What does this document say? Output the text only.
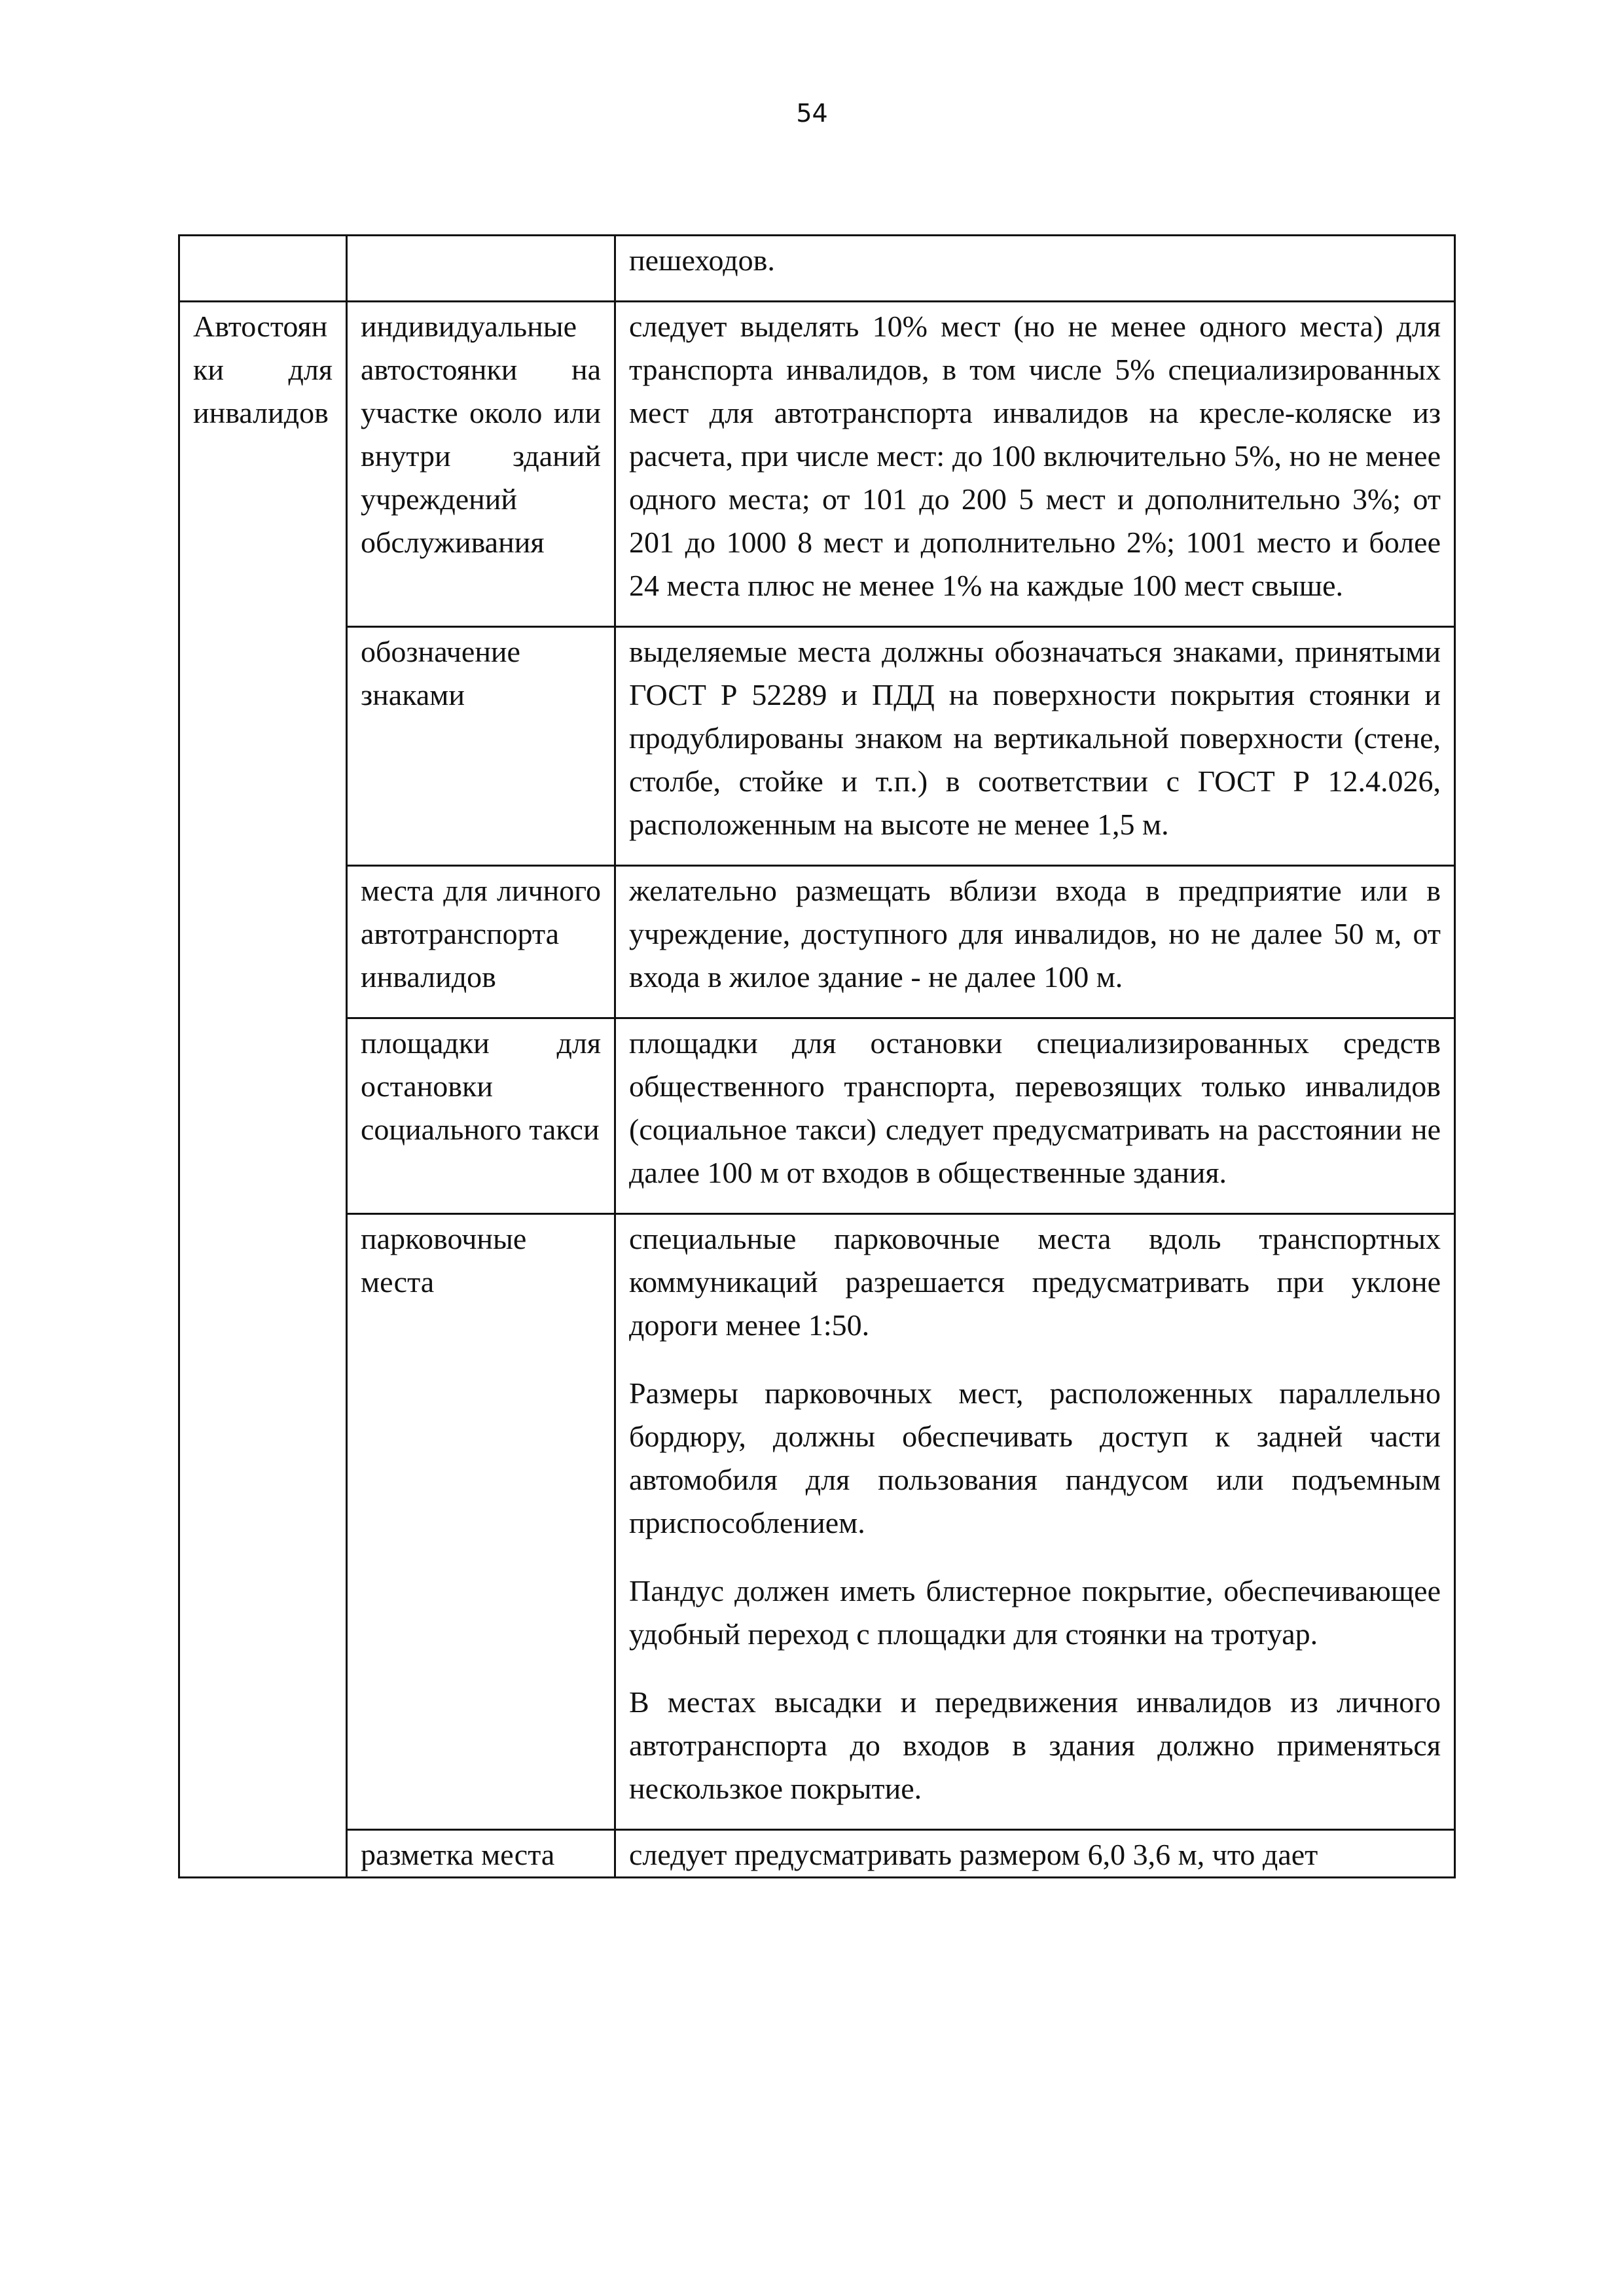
54

		пешеходов.

Автостоянки для инвалидов	индивидуальные автостоянки на участке около или внутри зданий учреждений обслуживания	следует выделять 10% мест (но не менее одного места) для транспорта инвалидов, в том числе 5% специализированных мест для автотранспорта инвалидов на кресле-коляске из расчета, при числе мест: до 100 включительно 5%, но не менее одного места; от 101 до 200 5 мест и дополнительно 3%; от 201 до 1000 8 мест и дополнительно 2%; 1001 место и более 24 места плюс не менее 1% на каждые 100 мест свыше.

	обозначение знаками	выделяемые места должны обозначаться знаками, принятыми ГОСТ Р 52289 и ПДД на поверхности покрытия стоянки и продублированы знаком на вертикальной поверхности (стене, столбе, стойке и т.п.) в соответствии с ГОСТ Р 12.4.026, расположенным на высоте не менее 1,5 м.

	места для личного автотранспорта инвалидов	желательно размещать вблизи входа в предприятие или в учреждение, доступного для инвалидов, но не далее 50 м, от входа в жилое здание - не далее 100 м.

	площадки для остановки социального такси	площадки для остановки специализированных средств общественного транспорта, перевозящих только инвалидов (социальное такси) следует предусматривать на расстоянии не далее 100 м от входов в общественные здания.

	парковочные места	специальные парковочные места вдоль транспортных коммуникаций разрешается предусматривать при уклоне дороги менее 1:50.

Размеры парковочных мест, расположенных параллельно бордюру, должны обеспечивать доступ к задней части автомобиля для пользования пандусом или подъемным приспособлением.

Пандус должен иметь блистерное покрытие, обеспечивающее удобный переход с площадки для стоянки на тротуар.

В местах высадки и передвижения инвалидов из личного автотранспорта до входов в здания должно применяться нескользкое покрытие.

	разметка места	следует предусматривать размером 6,0 3,6 м, что дает
